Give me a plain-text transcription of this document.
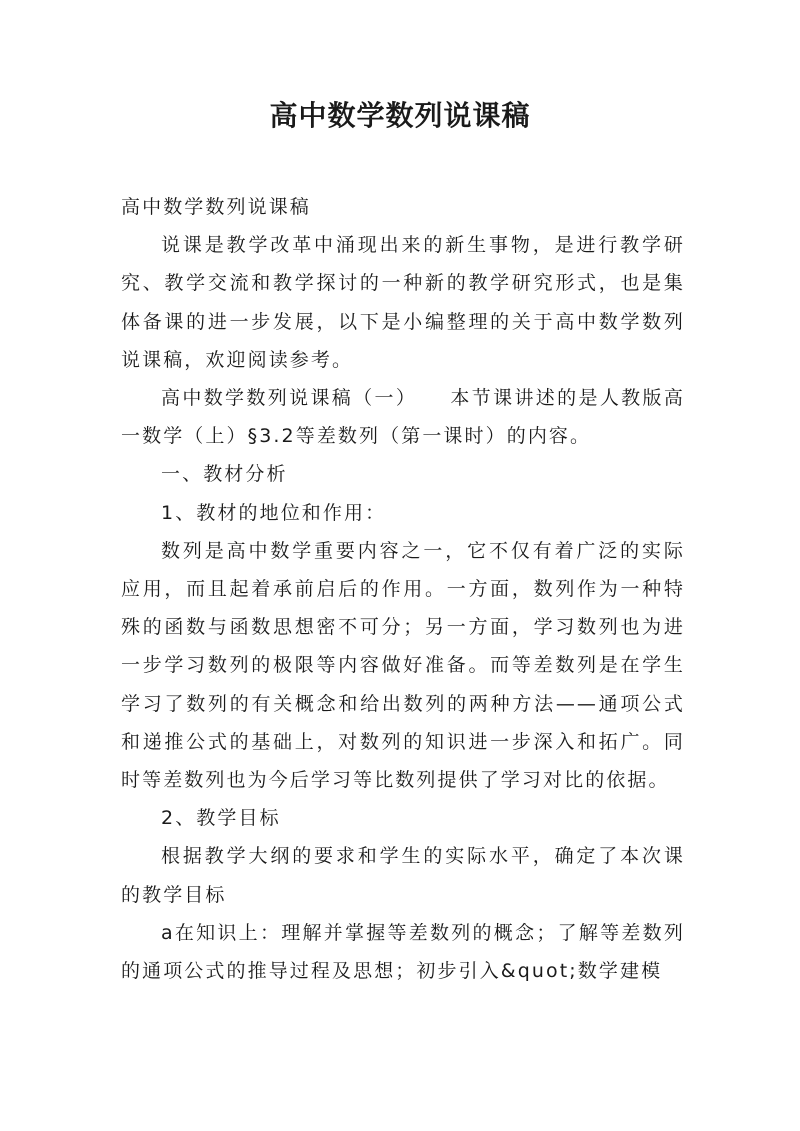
高中数学数列说课稿

高中数学数列说课稿

说课是教学改革中涌现出来的新生事物，是进行教学研究、教学交流和教学探讨的一种新的教学研究形式，也是集体备课的进一步发展，以下是小编整理的关于高中数学数列说课稿，欢迎阅读参考。

高中数学数列说课稿（一）　　本节课讲述的是人教版高一数学（上）§3.2等差数列（第一课时）的内容。

一、教材分析

1、教材的地位和作用：

数列是高中数学重要内容之一，它不仅有着广泛的实际应用，而且起着承前启后的作用。一方面，数列作为一种特殊的函数与函数思想密不可分；另一方面，学习数列也为进一步学习数列的极限等内容做好准备。而等差数列是在学生学习了数列的有关概念和给出数列的两种方法——通项公式和递推公式的基础上，对数列的知识进一步深入和拓广。同时等差数列也为今后学习等比数列提供了学习对比的依据。

2、教学目标

根据教学大纲的要求和学生的实际水平，确定了本次课的教学目标

a在知识上：理解并掌握等差数列的概念；了解等差数列的通项公式的推导过程及思想；初步引入&quot;数学建模
